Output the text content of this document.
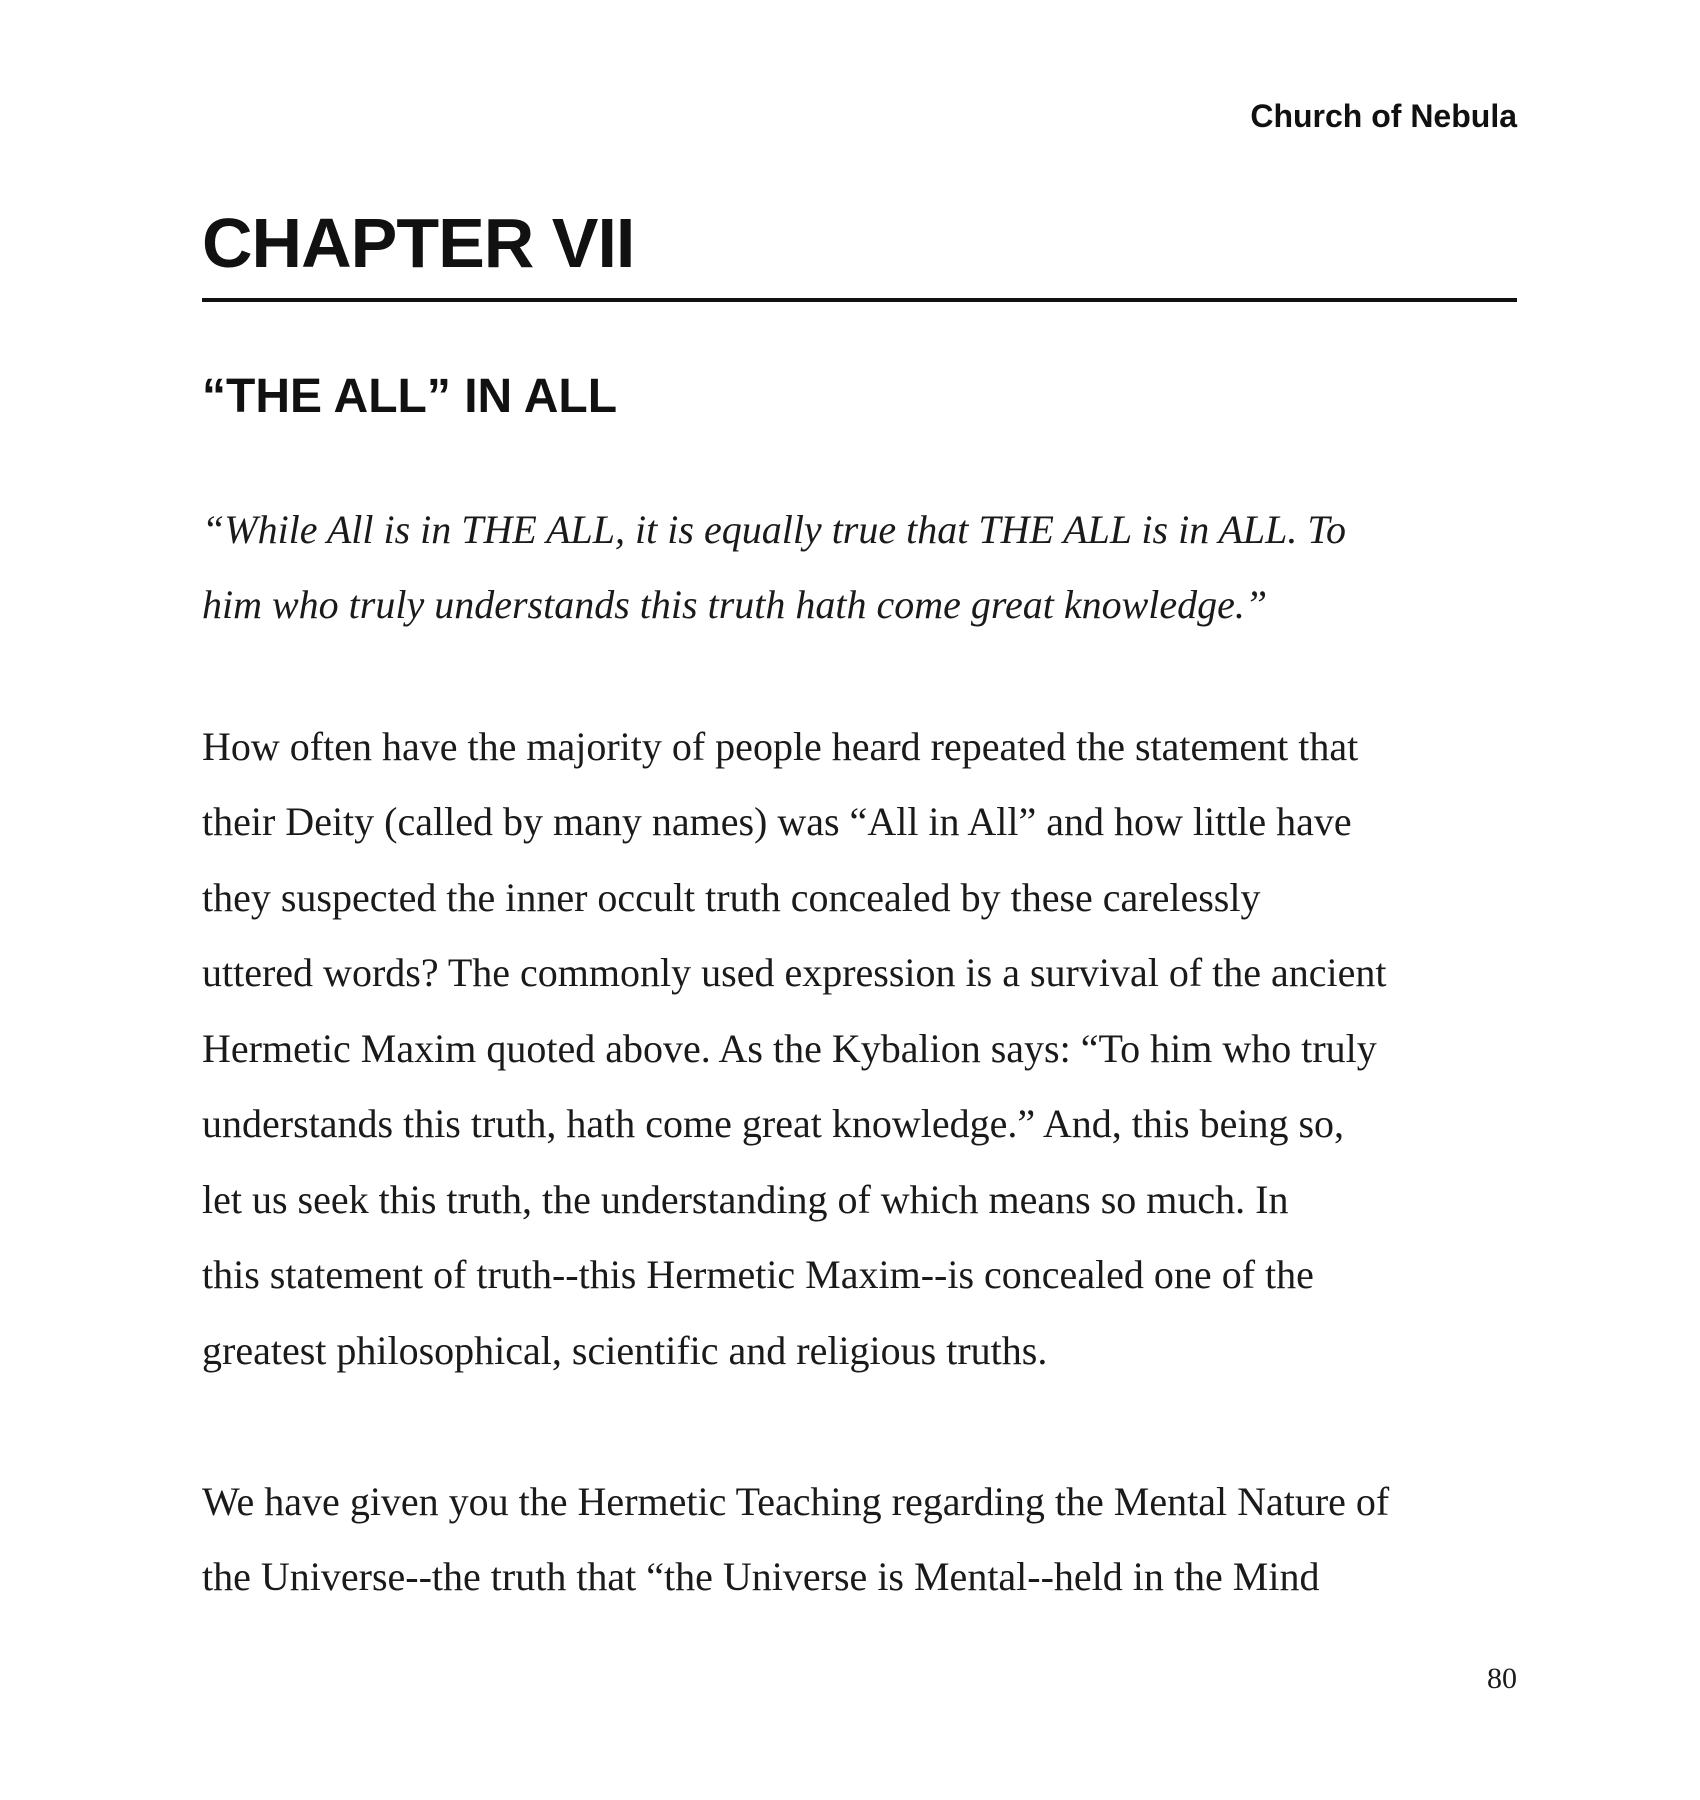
Church of Nebula
CHAPTER VII
“THE ALL” IN ALL
“While All is in THE ALL, it is equally true that THE ALL is in ALL. To
him who truly understands this truth hath come great knowledge.”
How often have the majority of people heard repeated the statement that
their Deity (called by many names) was “All in All” and how little have
they suspected the inner occult truth concealed by these carelessly
uttered words? The commonly used expression is a survival of the ancient
Hermetic Maxim quoted above. As the Kybalion says: “To him who truly
understands this truth, hath come great knowledge.” And, this being so,
let us seek this truth, the understanding of which means so much. In
this statement of truth--this Hermetic Maxim--is concealed one of the
greatest philosophical, scientific and religious truths.
We have given you the Hermetic Teaching regarding the Mental Nature of
the Universe--the truth that “the Universe is Mental--held in the Mind
80
